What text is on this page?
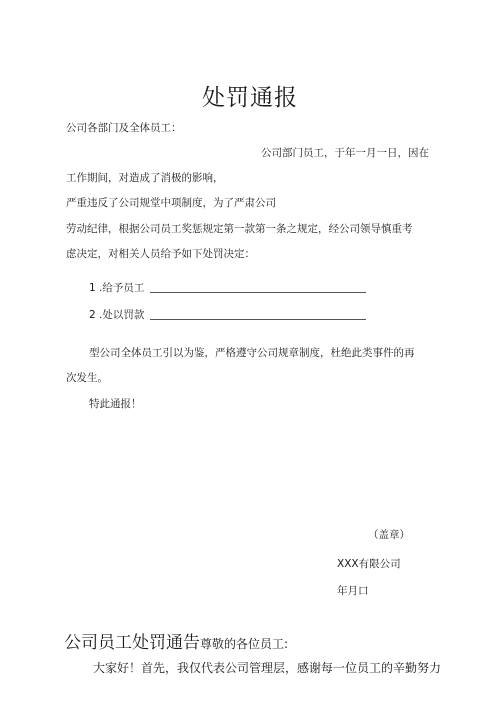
处罚通报
公司各部门及全体员工：
公司部门员工，于年一月一日，因在
工作期间，对造成了消极的影响，
严重违反了公司规堂中项制度，为了严肃公司
劳动纪律，根据公司员工奖惩规定第一款第一条之规定，经公司领导慎重考
虑决定，对相关人员给予如下处罚决定：
1 .给予员工
2 .处以罚款
型公司全体员工引以为鉴，严格遵守公司规章制度，杜绝此类事件的再
次发生。
特此通报！
（盖章）
XXX有限公司
年月口
公司员工处罚通告尊敬的各位员工:
大家好！首先，我仅代表公司管理层，感谢每一位员工的辛勤努力
